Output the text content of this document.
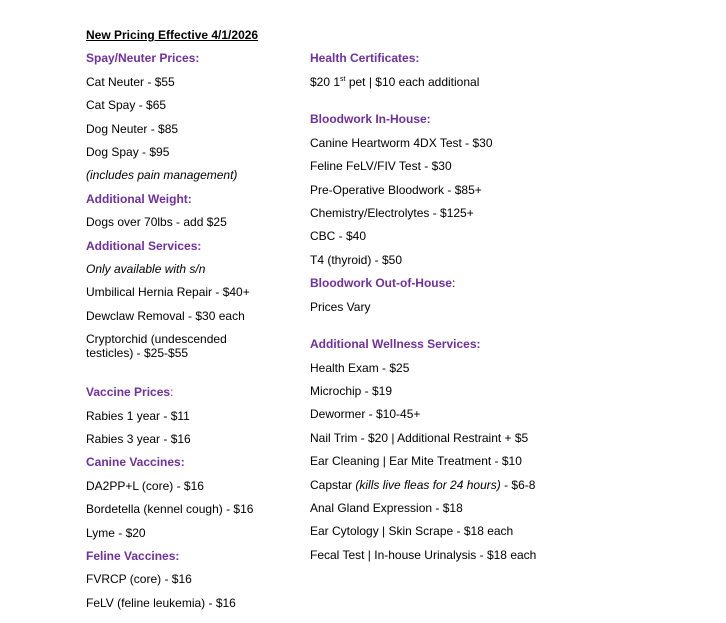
New Pricing Effective 4/1/2026
Spay/Neuter Prices:
Cat Neuter - $55
Cat Spay - $65
Dog Neuter - $85
Dog Spay - $95
(includes pain management)
Additional Weight:
Dogs over 70lbs - add $25
Additional Services:
Only available with s/n
Umbilical Hernia Repair - $40+
Dewclaw Removal - $30 each
Cryptorchid (undescended testicles) - $25-$55
Vaccine Prices:
Rabies 1 year - $11
Rabies 3 year - $16
Canine Vaccines:
DA2PP+L (core) - $16
Bordetella (kennel cough) - $16
Lyme - $20
Feline Vaccines:
FVRCP (core) - $16
FeLV (feline leukemia) - $16
Health Certificates:
$20 1st pet | $10 each additional
Bloodwork In-House:
Canine Heartworm 4DX Test - $30
Feline FeLV/FIV Test - $30
Pre-Operative Bloodwork - $85+
Chemistry/Electrolytes - $125+
CBC - $40
T4 (thyroid) - $50
Bloodwork Out-of-House:
Prices Vary
Additional Wellness Services:
Health Exam - $25
Microchip - $19
Dewormer - $10-45+
Nail Trim - $20 | Additional Restraint + $5
Ear Cleaning | Ear Mite Treatment - $10
Capstar (kills live fleas for 24 hours) - $6-8
Anal Gland Expression - $18
Ear Cytology | Skin Scrape - $18 each
Fecal Test | In-house Urinalysis - $18 each
